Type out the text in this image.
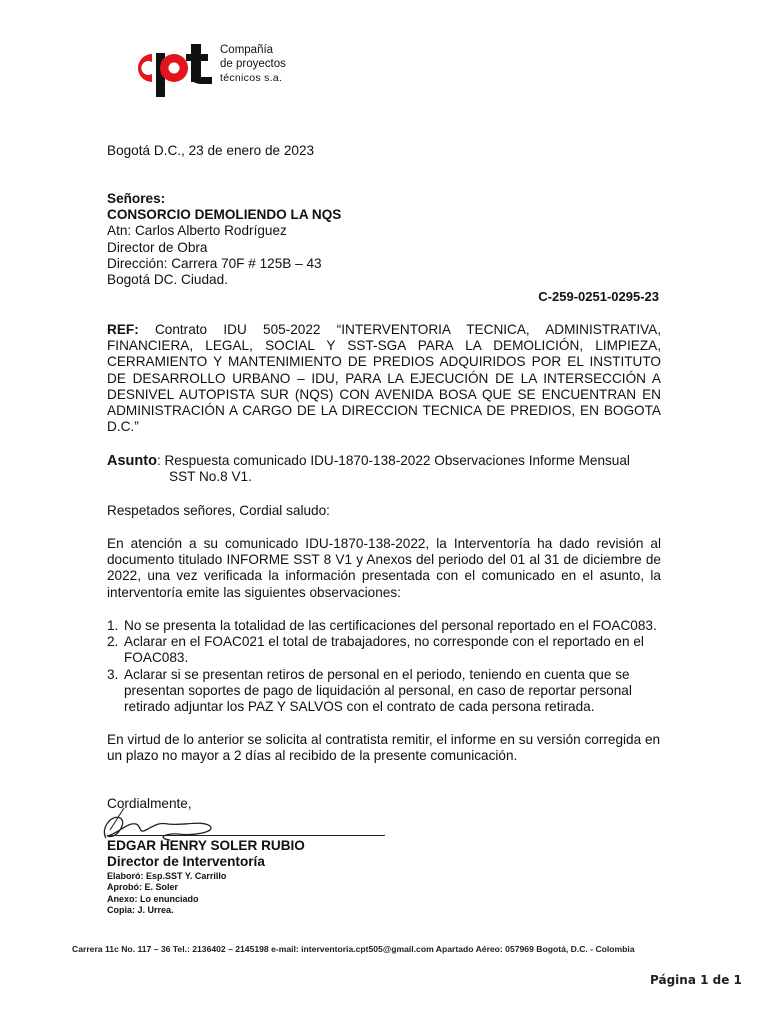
Compañía
de proyectos
técnicos s.a.
Bogotá D.C., 23 de enero de 2023
Señores:
CONSORCIO DEMOLIENDO LA NQS
Atn: Carlos Alberto Rodríguez
Director de Obra
Dirección: Carrera 70F # 125B – 43
Bogotá DC. Ciudad.
C-259-0251-0295-23
REF: Contrato IDU 505-2022 “INTERVENTORIA TECNICA, ADMINISTRATIVA, FINANCIERA, LEGAL, SOCIAL Y SST-SGA PARA LA DEMOLICIÓN, LIMPIEZA, CERRAMIENTO Y MANTENIMIENTO DE PREDIOS ADQUIRIDOS POR EL INSTITUTO DE DESARROLLO URBANO – IDU, PARA LA EJECUCIÓN DE LA INTERSECCIÓN A DESNIVEL AUTOPISTA SUR (NQS) CON AVENIDA BOSA QUE SE ENCUENTRAN EN ADMINISTRACIÓN A CARGO DE LA DIRECCION TECNICA DE PREDIOS, EN BOGOTA D.C.”
Asunto: Respuesta comunicado IDU-1870-138-2022 Observaciones Informe Mensual
SST No.8 V1.
Respetados señores, Cordial saludo:
En atención a su comunicado IDU-1870-138-2022, la Interventoría ha dado revisión al documento titulado INFORME SST 8 V1 y Anexos del periodo del 01 al 31 de diciembre de 2022, una vez verificada la información presentada con el comunicado en el asunto, la interventoría emite las siguientes observaciones:
1. No se presenta la totalidad de las certificaciones del personal reportado en el FOAC083.
2. Aclarar en el FOAC021 el total de trabajadores, no corresponde con el reportado en el FOAC083.
3. Aclarar si se presentan retiros de personal en el periodo, teniendo en cuenta que se presentan soportes de pago de liquidación al personal, en caso de reportar personal retirado adjuntar los PAZ Y SALVOS con el contrato de cada persona retirada.
En virtud de lo anterior se solicita al contratista remitir, el informe en su versión corregida en un plazo no mayor a 2 días al recibido de la presente comunicación.
Cordialmente,
EDGAR HENRY SOLER RUBIO
Director de Interventoría
Elaboró: Esp.SST Y. Carrillo
Aprobó: E. Soler
Anexo: Lo enunciado
Copia: J. Urrea.
Carrera 11c No. 117 – 36 Tel.: 2136402 – 2145198 e-mail: interventoria.cpt505@gmail.com Apartado Aéreo: 057969 Bogotá, D.C. - Colombia
Página 1 de 1
